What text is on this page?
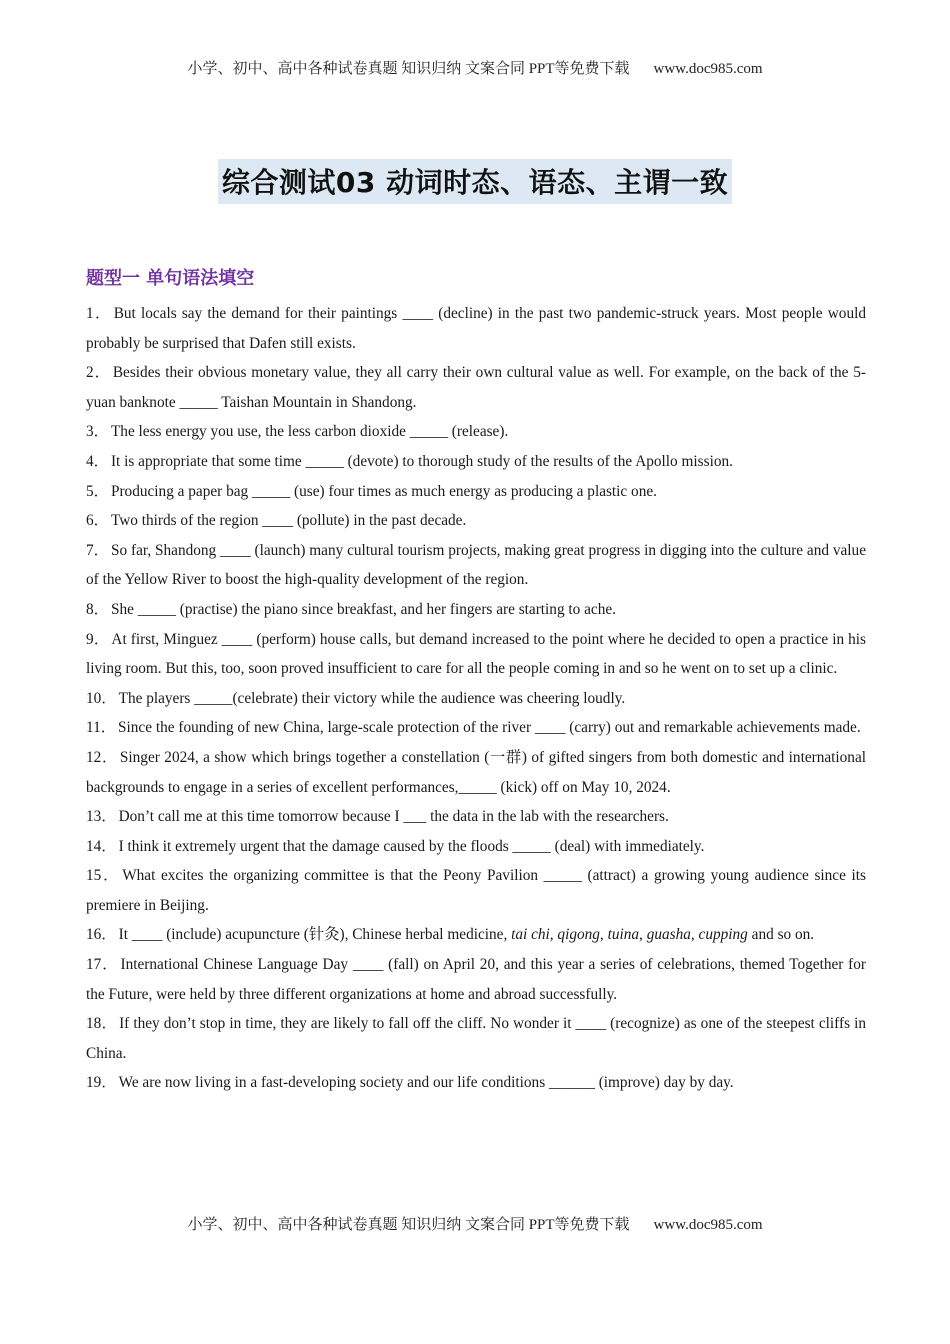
小学、初中、高中各种试卷真题 知识归纳 文案合同 PPT等免费下载 www.doc985.com
综合测试03 动词时态、语态、主谓一致
题型一 单句语法填空

1． But locals say the demand for their paintings ____ (decline) in the past two pandemic-struck years. Most people would probably be surprised that Dafen still exists.

2． Besides their obvious monetary value, they all carry their own cultural value as well. For example, on the back of the 5-yuan banknote _____ Taishan Mountain in Shandong.

3． The less energy you use, the less carbon dioxide _____ (release).

4． It is appropriate that some time _____ (devote) to thorough study of the results of the Apollo mission.

5． Producing a paper bag _____ (use) four times as much energy as producing a plastic one.

6． Two thirds of the region ____ (pollute) in the past decade.

7． So far, Shandong ____ (launch) many cultural tourism projects, making great progress in digging into the culture and value of the Yellow River to boost the high-quality development of the region.

8． She _____ (practise) the piano since breakfast, and her fingers are starting to ache.

9． At first, Minguez ____ (perform) house calls, but demand increased to the point where he decided to open a practice in his living room. But this, too, soon proved insufficient to care for all the people coming in and so he went on to set up a clinic.

10． The players _____(celebrate) their victory while the audience was cheering loudly.

11． Since the founding of new China, large-scale protection of the river ____ (carry) out and remarkable achievements made.

12． Singer 2024, a show which brings together a constellation (一群) of gifted singers from both domestic and international backgrounds to engage in a series of excellent performances,_____ (kick) off on May 10, 2024.

13． Don’t call me at this time tomorrow because I ___ the data in the lab with the researchers.

14． I think it extremely urgent that the damage caused by the floods _____ (deal) with immediately.

15． What excites the organizing committee is that the Peony Pavilion _____ (attract) a growing young audience since its premiere in Beijing.

16． It ____ (include) acupuncture (针灸), Chinese herbal medicine, tai chi, qigong, tuina, guasha, cupping and so on.

17． International Chinese Language Day ____ (fall) on April 20, and this year a series of celebrations, themed Together for the Future, were held by three different organizations at home and abroad successfully.

18． If they don’t stop in time, they are likely to fall off the cliff. No wonder it ____ (recognize) as one of the steepest cliffs in China.

19． We are now living in a fast-developing society and our life conditions ______ (improve) day by day.

小学、初中、高中各种试卷真题 知识归纳 文案合同 PPT等免费下载 www.doc985.com
